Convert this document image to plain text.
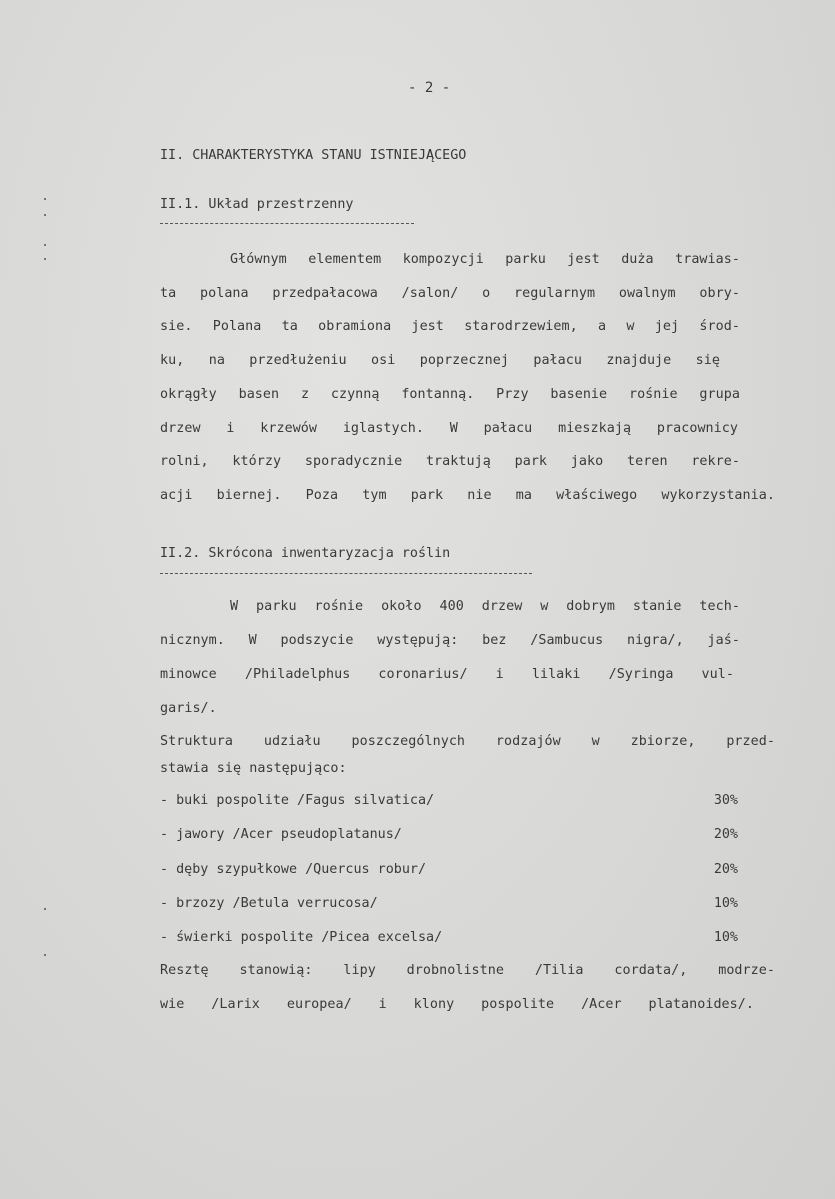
- 2 -
II. CHARAKTERYSTYKA STANU ISTNIEJĄCEGO
II.1. Układ przestrzenny
Głównym elementem kompozycji parku jest duża trawias-
ta polana przedpałacowa /salon/ o regularnym owalnym obry-
sie. Polana ta obramiona jest starodrzewiem, a w jej środ-
ku, na przedłużeniu osi poprzecznej pałacu znajduje się
okrągły basen z czynną fontanną. Przy basenie rośnie grupa
drzew i krzewów iglastych. W pałacu mieszkają pracownicy
rolni, którzy sporadycznie traktują park jako teren rekre-
acji biernej. Poza tym park nie ma właściwego wykorzystania.
II.2. Skrócona inwentaryzacja roślin
W parku rośnie około 400 drzew w dobrym stanie tech-
nicznym. W podszycie występują: bez /Sambucus nigra/, jaś-
minowce /Philadelphus coronarius/ i lilaki /Syringa vul-
garis/.
Struktura udziału poszczególnych rodzajów w zbiorze, przed-
stawia się następująco:
- buki pospolite /Fagus silvatica/	30%
- jawory /Acer pseudoplatanus/	20%
- dęby szypułkowe /Quercus robur/	20%
- brzozy /Betula verrucosa/	10%
- świerki pospolite /Picea excelsa/	10%
Resztę stanowią: lipy drobnolistne /Tilia cordata/, modrze-
wie /Larix europea/ i klony pospolite /Acer platanoides/.
